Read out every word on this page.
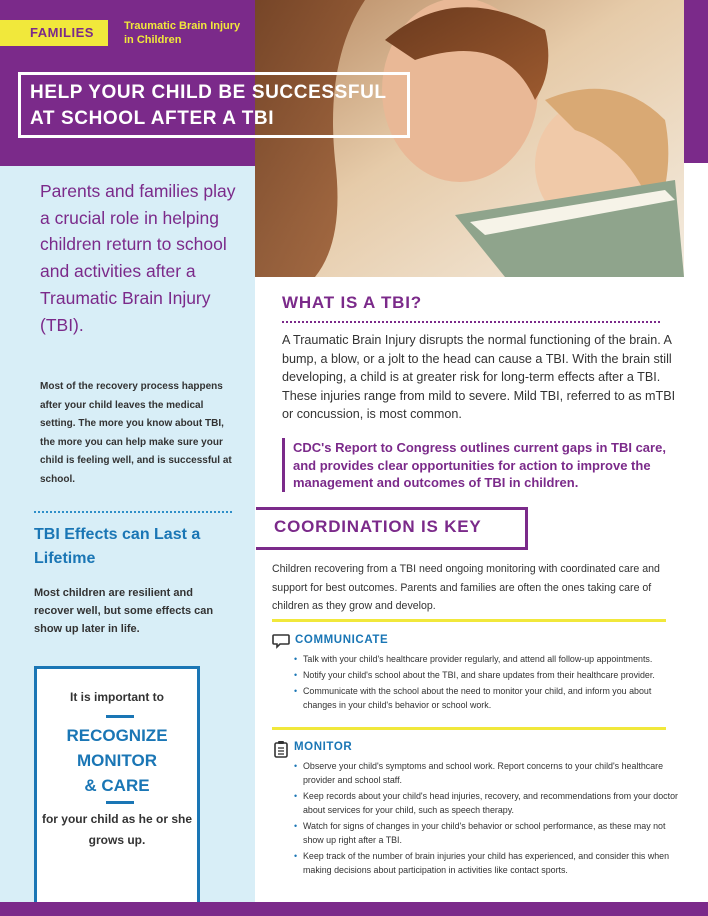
FAMILIES	Traumatic Brain Injury in Children
HELP YOUR CHILD BE SUCCESSFUL
AT SCHOOL AFTER A TBI
Parents and families play a crucial role in helping children return to school and activities after a Traumatic Brain Injury (TBI).
Most of the recovery process happens after your child leaves the medical setting. The more you know about TBI, the more you can help make sure your child is feeling well, and is successful at school.
TBI Effects can Last a Lifetime
Most children are resilient and recover well, but some effects can show up later in life.
It is important to
RECOGNIZE
MONITOR
& CARE
for your child as he or she grows up.
WHAT IS A TBI?
A Traumatic Brain Injury disrupts the normal functioning of the brain. A bump, a blow, or a jolt to the head can cause a TBI. With the brain still developing, a child is at greater risk for long-term effects after a TBI. These injuries range from mild to severe. Mild TBI, referred to as mTBI or concussion, is most common.
CDC's Report to Congress outlines current gaps in TBI care, and provides clear opportunities for action to improve the management and outcomes of TBI in children.
COORDINATION IS KEY
Children recovering from a TBI need ongoing monitoring with coordinated care and support for best outcomes. Parents and families are often the ones taking care of children as they grow and develop.
COMMUNICATE
• Talk with your child's healthcare provider regularly, and attend all follow-up appointments.
• Notify your child's school about the TBI, and share updates from their healthcare provider.
• Communicate with the school about the need to monitor your child, and inform you about changes in your child's behavior or school work.
MONITOR
• Observe your child's symptoms and school work. Report concerns to your child's healthcare provider and school staff.
• Keep records about your child's head injuries, recovery, and recommendations from your doctor about services for your child, such as speech therapy.
• Watch for signs of changes in your child's behavior or school performance, as these may not show up right after a TBI.
• Keep track of the number of brain injuries your child has experienced, and consider this when making decisions about participation in activities like contact sports.
